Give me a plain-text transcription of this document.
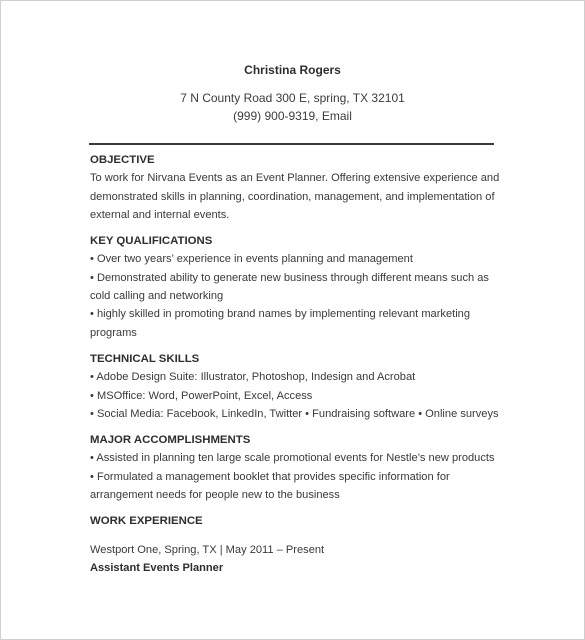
Christina Rogers
7 N County Road 300 E, spring, TX 32101
(999) 900-9319, Email
OBJECTIVE
To work for Nirvana Events as an Event Planner. Offering extensive experience and
demonstrated skills in planning, coordination, management, and implementation of
external and internal events.
KEY QUALIFICATIONS
• Over two years’ experience in events planning and management
• Demonstrated ability to generate new business through different means such as
cold calling and networking
• highly skilled in promoting brand names by implementing relevant marketing
programs
TECHNICAL SKILLS
• Adobe Design Suite: Illustrator, Photoshop, Indesign and Acrobat
• MSOffice: Word, PowerPoint, Excel, Access
• Social Media: Facebook, LinkedIn, Twitter • Fundraising software • Online surveys
MAJOR ACCOMPLISHMENTS
• Assisted in planning ten large scale promotional events for Nestle’s new products
• Formulated a management booklet that provides specific information for
arrangement needs for people new to the business
WORK EXPERIENCE
Westport One, Spring, TX | May 2011 – Present
Assistant Events Planner
